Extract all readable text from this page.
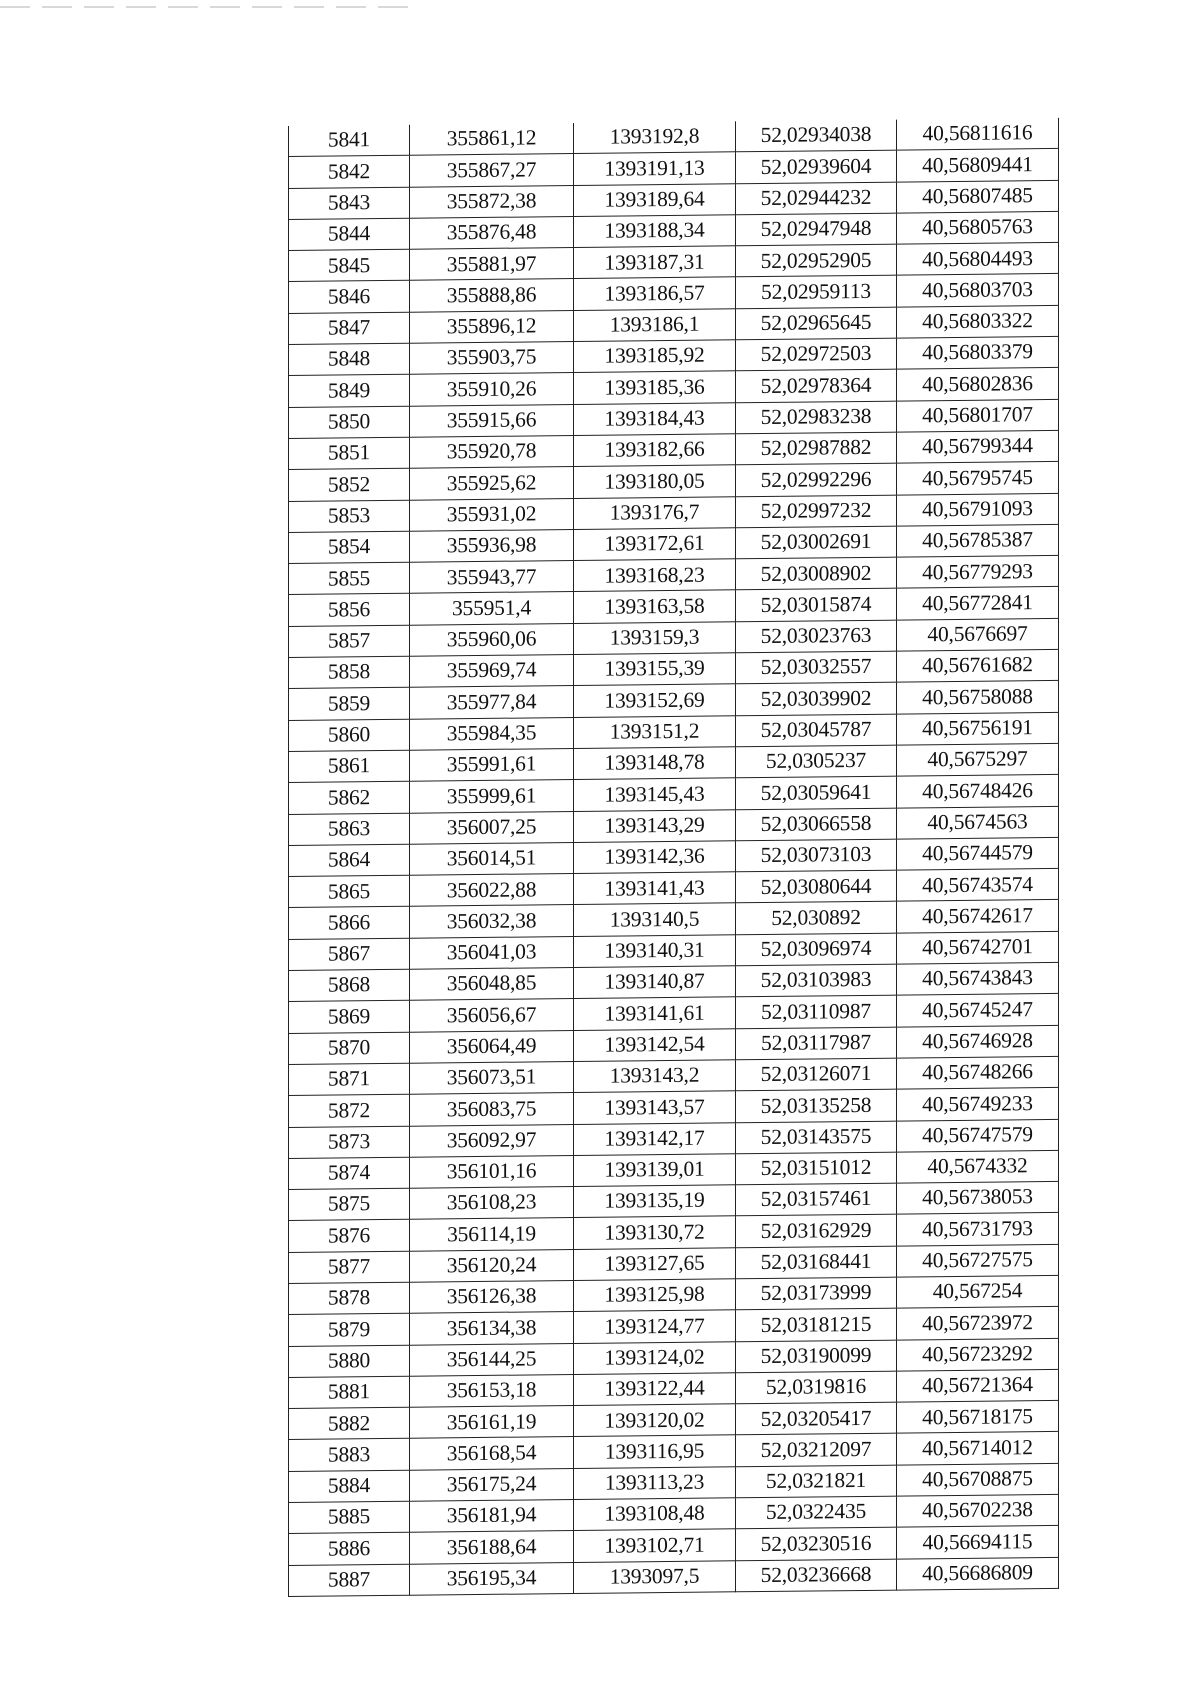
5841	355861,12	1393192,8	52,02934038	40,56811616
5842	355867,27	1393191,13	52,02939604	40,56809441
5843	355872,38	1393189,64	52,02944232	40,56807485
5844	355876,48	1393188,34	52,02947948	40,56805763
5845	355881,97	1393187,31	52,02952905	40,56804493
5846	355888,86	1393186,57	52,02959113	40,56803703
5847	355896,12	1393186,1	52,02965645	40,56803322
5848	355903,75	1393185,92	52,02972503	40,56803379
5849	355910,26	1393185,36	52,02978364	40,56802836
5850	355915,66	1393184,43	52,02983238	40,56801707
5851	355920,78	1393182,66	52,02987882	40,56799344
5852	355925,62	1393180,05	52,02992296	40,56795745
5853	355931,02	1393176,7	52,02997232	40,56791093
5854	355936,98	1393172,61	52,03002691	40,56785387
5855	355943,77	1393168,23	52,03008902	40,56779293
5856	355951,4	1393163,58	52,03015874	40,56772841
5857	355960,06	1393159,3	52,03023763	40,5676697
5858	355969,74	1393155,39	52,03032557	40,56761682
5859	355977,84	1393152,69	52,03039902	40,56758088
5860	355984,35	1393151,2	52,03045787	40,56756191
5861	355991,61	1393148,78	52,0305237	40,5675297
5862	355999,61	1393145,43	52,03059641	40,56748426
5863	356007,25	1393143,29	52,03066558	40,5674563
5864	356014,51	1393142,36	52,03073103	40,56744579
5865	356022,88	1393141,43	52,03080644	40,56743574
5866	356032,38	1393140,5	52,030892	40,56742617
5867	356041,03	1393140,31	52,03096974	40,56742701
5868	356048,85	1393140,87	52,03103983	40,56743843
5869	356056,67	1393141,61	52,03110987	40,56745247
5870	356064,49	1393142,54	52,03117987	40,56746928
5871	356073,51	1393143,2	52,03126071	40,56748266
5872	356083,75	1393143,57	52,03135258	40,56749233
5873	356092,97	1393142,17	52,03143575	40,56747579
5874	356101,16	1393139,01	52,03151012	40,5674332
5875	356108,23	1393135,19	52,03157461	40,56738053
5876	356114,19	1393130,72	52,03162929	40,56731793
5877	356120,24	1393127,65	52,03168441	40,56727575
5878	356126,38	1393125,98	52,03173999	40,567254
5879	356134,38	1393124,77	52,03181215	40,56723972
5880	356144,25	1393124,02	52,03190099	40,56723292
5881	356153,18	1393122,44	52,0319816	40,56721364
5882	356161,19	1393120,02	52,03205417	40,56718175
5883	356168,54	1393116,95	52,03212097	40,56714012
5884	356175,24	1393113,23	52,0321821	40,56708875
5885	356181,94	1393108,48	52,0322435	40,56702238
5886	356188,64	1393102,71	52,03230516	40,56694115
5887	356195,34	1393097,5	52,03236668	40,56686809
